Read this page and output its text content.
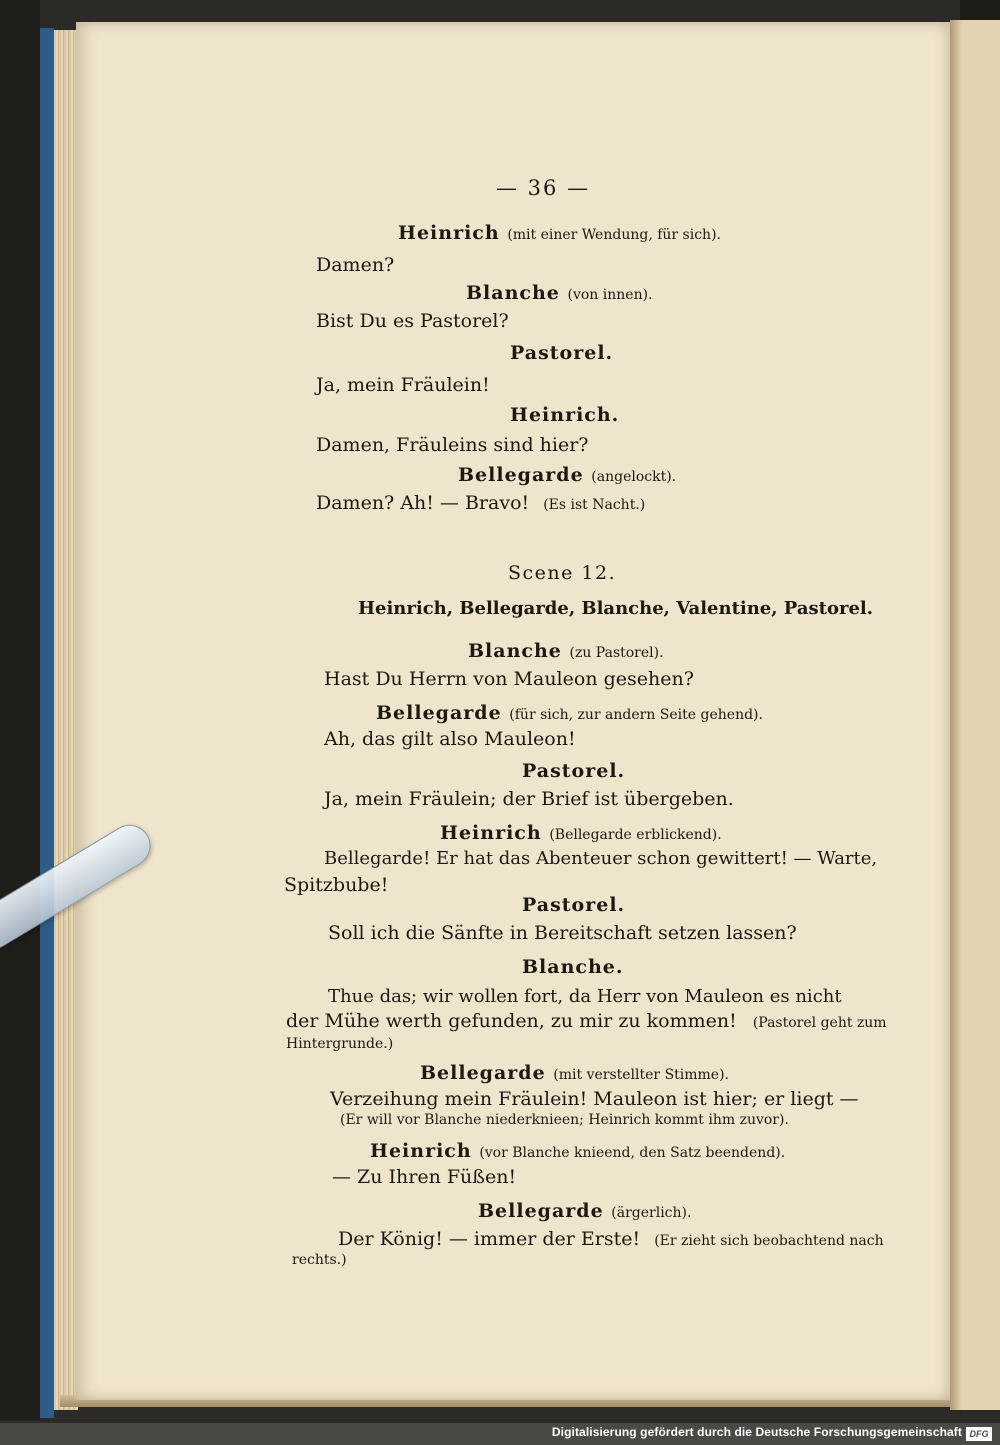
— 36 —
Heinrich (mit einer Wendung, für sich).
Damen?
Blanche (von innen).
Bist Du es Pastorel?
Pastorel.
Ja, mein Fräulein!
Heinrich.
Damen, Fräuleins sind hier?
Bellegarde (angelockt).
Damen? Ah! — Bravo! (Es ist Nacht.)
Scene 12.
Heinrich, Bellegarde, Blanche, Valentine, Pastorel.
Blanche (zu Pastorel).
Hast Du Herrn von Mauleon gesehen?
Bellegarde (für sich, zur andern Seite gehend).
Ah, das gilt also Mauleon!
Pastorel.
Ja, mein Fräulein; der Brief ist übergeben.
Heinrich (Bellegarde erblickend).
Bellegarde! Er hat das Abenteuer schon gewittert! — Warte,
Spitzbube!
Pastorel.
Soll ich die Sänfte in Bereitschaft setzen lassen?
Blanche.
Thue das; wir wollen fort, da Herr von Mauleon es nicht
der Mühe werth gefunden, zu mir zu kommen! (Pastorel geht zum
Hintergrunde.)
Bellegarde (mit verstellter Stimme).
Verzeihung mein Fräulein! Mauleon ist hier; er liegt —
(Er will vor Blanche niederknieen; Heinrich kommt ihm zuvor).
Heinrich (vor Blanche knieend, den Satz beendend).
— Zu Ihren Füßen!
Bellegarde (ärgerlich).
Der König! — immer der Erste! (Er zieht sich beobachtend nach
rechts.)
Digitalisierung gefördert durch die Deutsche Forschungsgemeinschaft DFG
